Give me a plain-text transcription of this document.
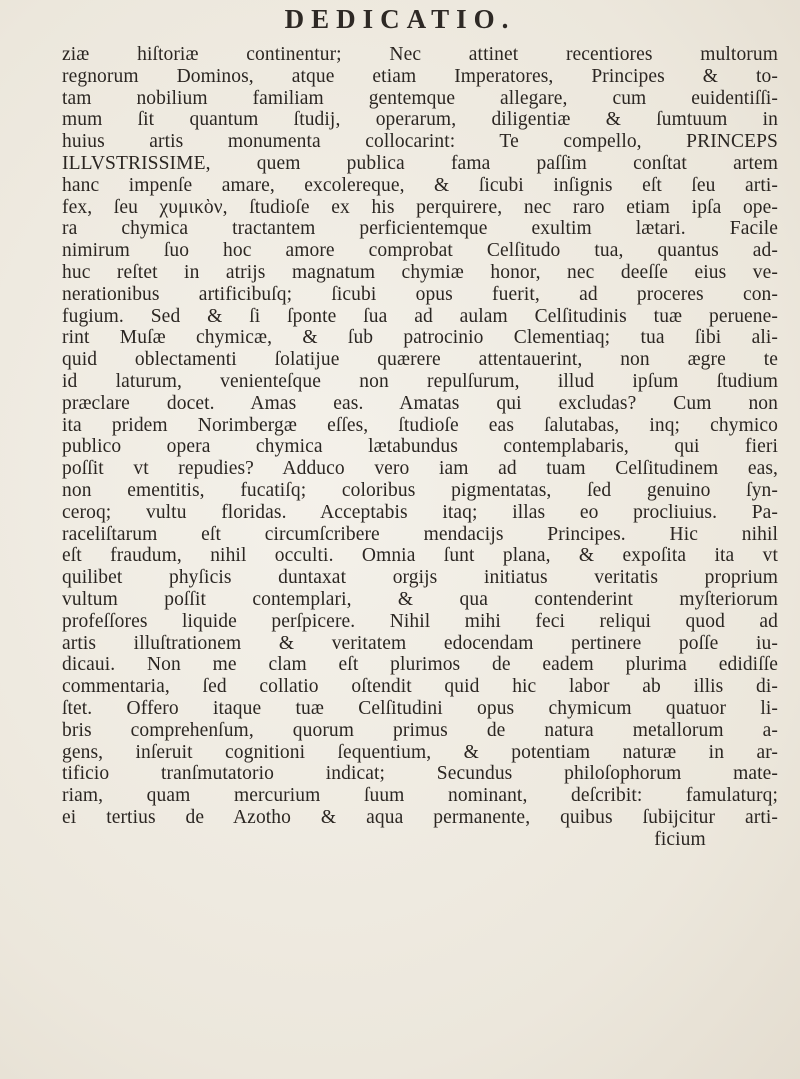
DEDICATIO.
ziæ hiſtoriæ continentur; Nec attinet recentiores multorum
regnorum Dominos, atque etiam Imperatores, Principes & to-
tam nobilium familiam gentemque allegare, cum euidentiſſi-
mum ſit quantum ſtudij, operarum, diligentiæ & ſumtuum in
huius artis monumenta collocarint: Te compello, PRINCEPS
ILLVSTRISSIME, quem publica fama paſſim conſtat artem
hanc impenſe amare, excolereque, & ſicubi inſignis eſt ſeu arti-
fex, ſeu χυμικὸν, ſtudioſe ex his perquirere, nec raro etiam ipſa ope-
ra chymica tractantem perficientemque exultim lætari. Facile
nimirum ſuo hoc amore comprobat Celſitudo tua, quantus ad-
huc reſtet in atrijs magnatum chymiæ honor, nec deeſſe eius ve-
nerationibus artificibuſq; ſicubi opus fuerit, ad proceres con-
fugium. Sed & ſi ſponte ſua ad aulam Celſitudinis tuæ peruene-
rint Muſæ chymicæ, & ſub patrocinio Clementiaq; tua ſibi ali-
quid oblectamenti ſolatijue quærere attentauerint, non ægre te
id laturum, venienteſque non repulſurum, illud ipſum ſtudium
præclare docet. Amas eas. Amatas qui excludas? Cum non
ita pridem Norimbergæ eſſes, ſtudioſe eas ſalutabas, inq; chymico
publico opera chymica lætabundus contemplabaris, qui fieri
poſſit vt repudies? Adduco vero iam ad tuam Celſitudinem eas,
non ementitis, fucatiſq; coloribus pigmentatas, ſed genuino ſyn-
ceroq; vultu floridas. Acceptabis itaq; illas eo procliuius. Pa-
raceliſtarum eſt circumſcribere mendacijs Principes. Hic nihil
eſt fraudum, nihil occulti. Omnia ſunt plana, & expoſita ita vt
quilibet phyſicis duntaxat orgijs initiatus veritatis proprium
vultum poſſit contemplari, & qua contenderint myſteriorum
profeſſores liquide perſpicere. Nihil mihi feci reliqui quod ad
artis illuſtrationem & veritatem edocendam pertinere poſſe iu-
dicaui. Non me clam eſt plurimos de eadem plurima edidiſſe
commentaria, ſed collatio oſtendit quid hic labor ab illis di-
ſtet. Offero itaque tuæ Celſitudini opus chymicum quatuor li-
bris comprehenſum, quorum primus de natura metallorum a-
gens, inſeruit cognitioni ſequentium, & potentiam naturæ in ar-
tificio tranſmutatorio indicat; Secundus philoſophorum mate-
riam, quam mercurium ſuum nominant, deſcribit: famulaturq;
ei tertius de Azotho & aqua permanente, quibus ſubijcitur arti-
ficium
